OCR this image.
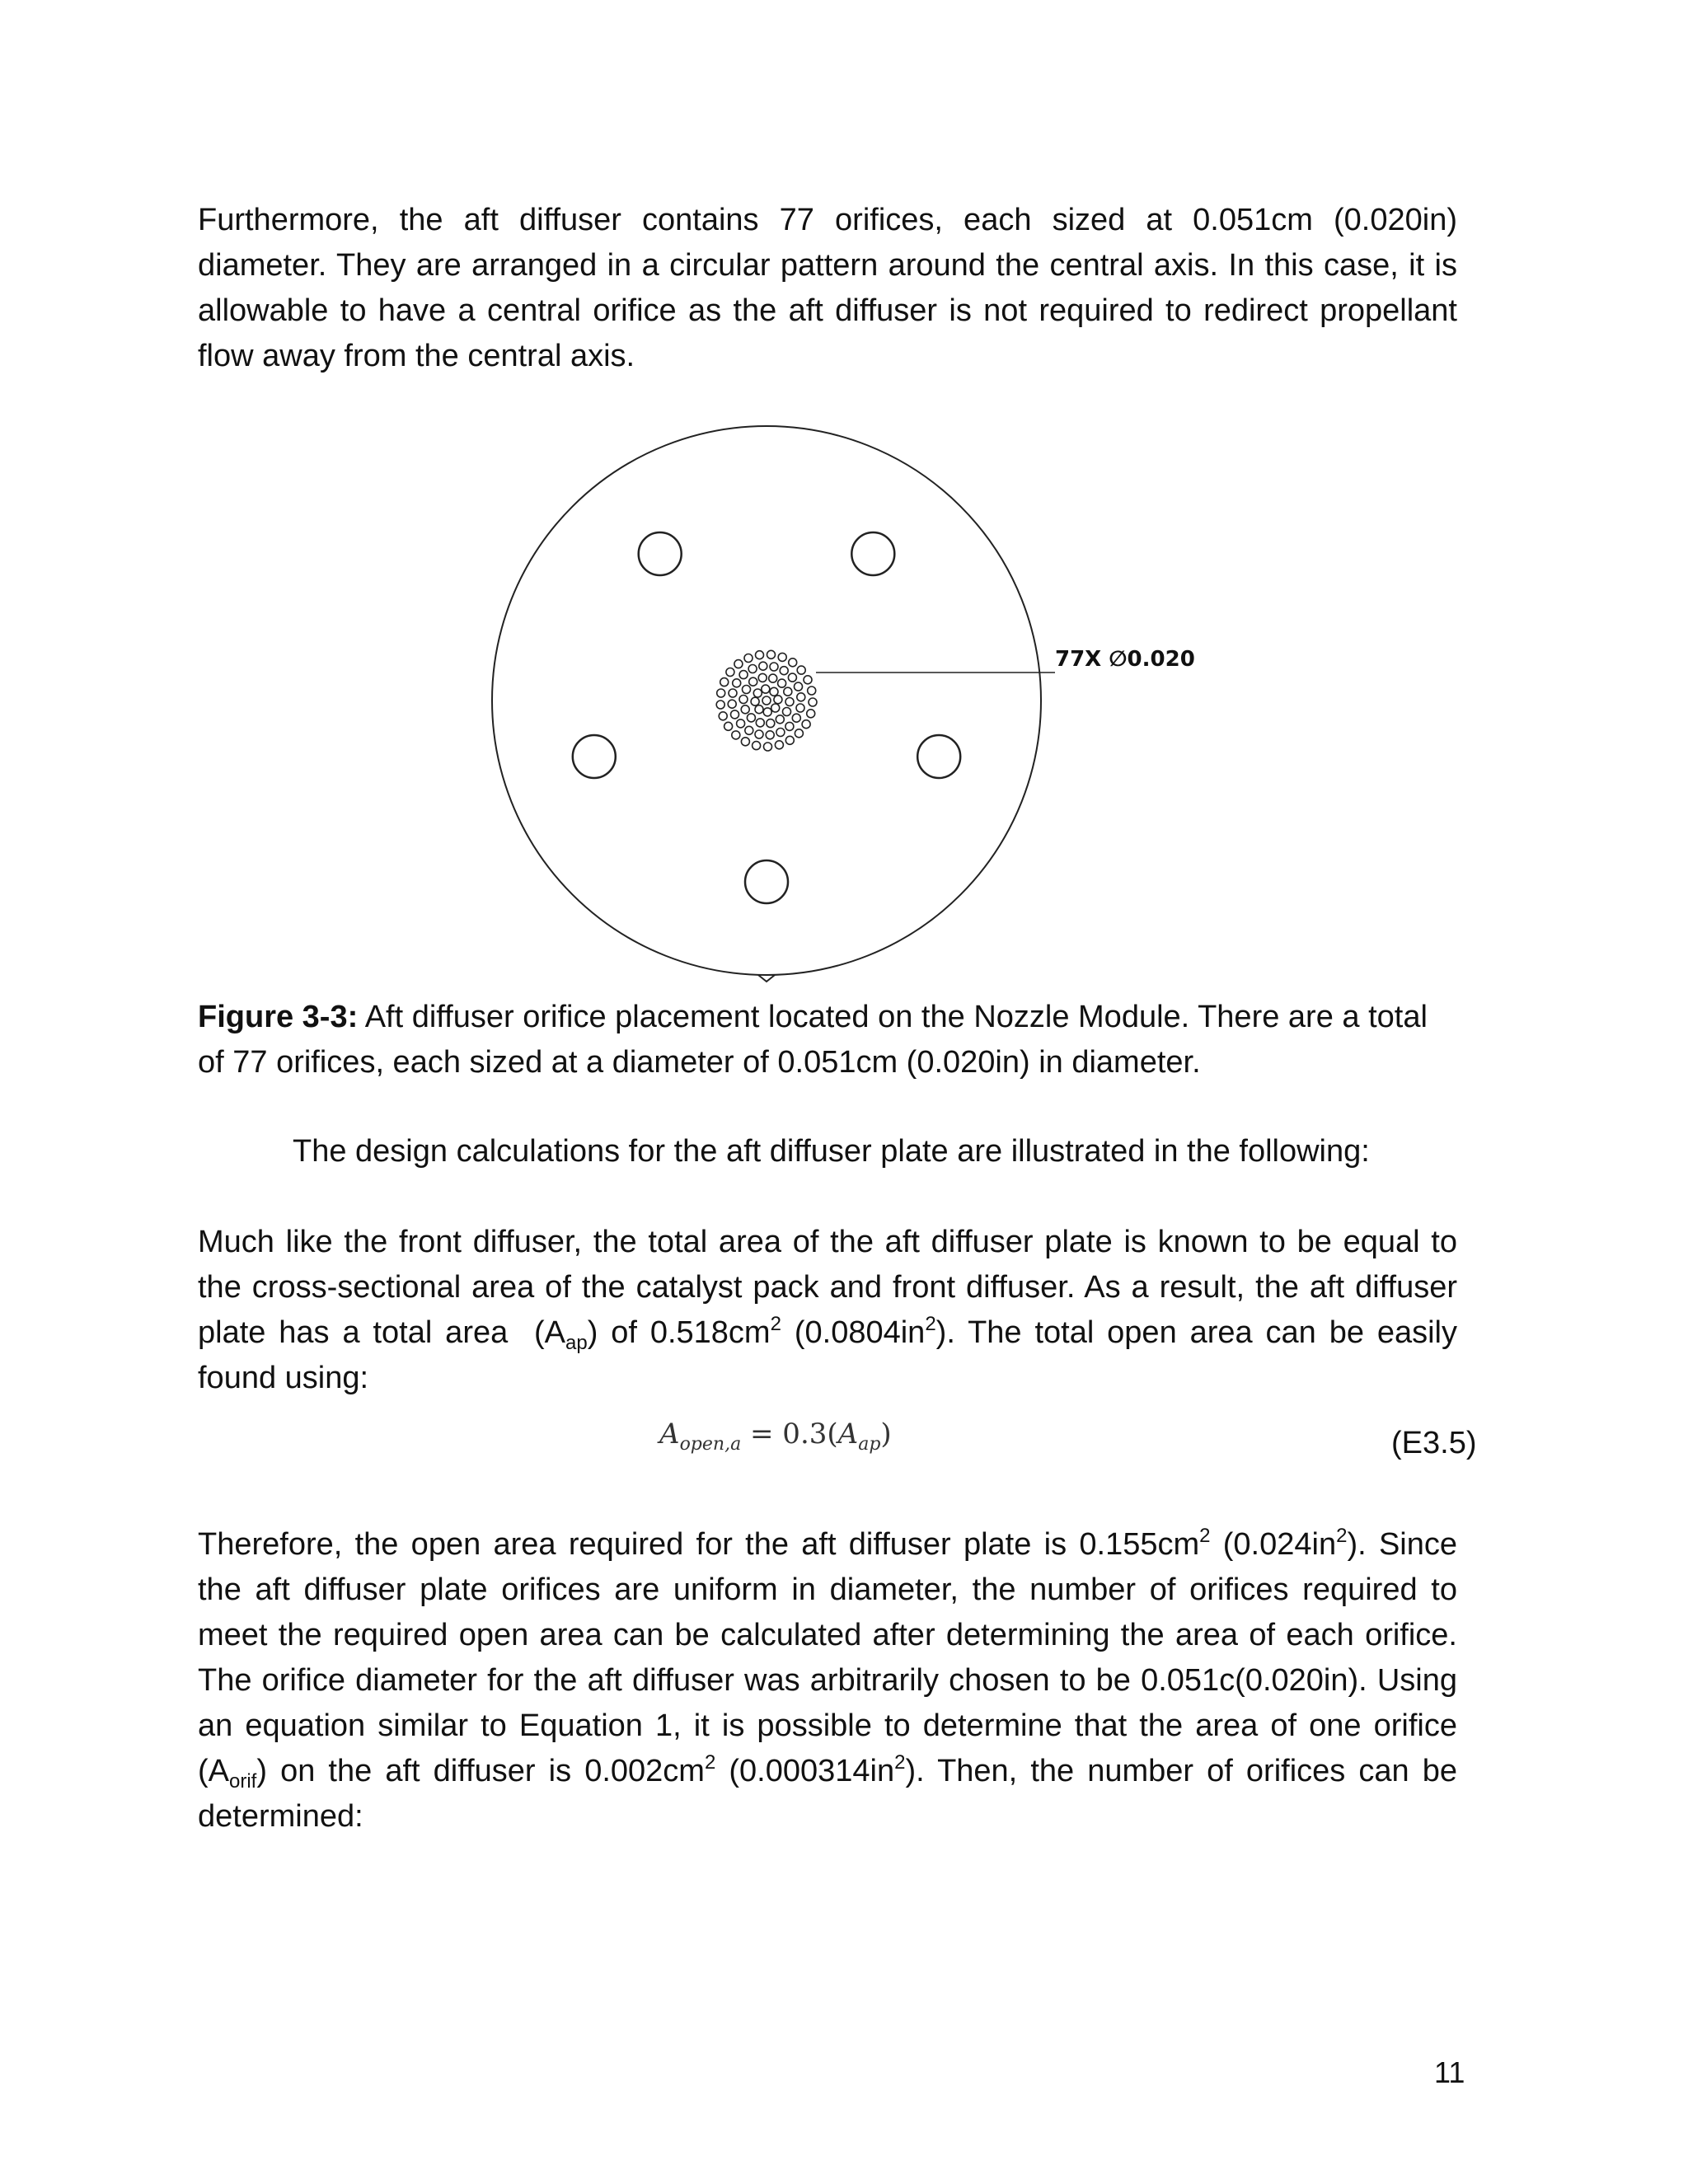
Furthermore, the aft diffuser contains 77 orifices, each sized at 0.051cm (0.020in) diameter. They are arranged in a circular pattern around the central axis. In this case, it is allowable to have a central orifice as the aft diffuser is not required to redirect propellant flow away from the central axis.

77X ∅0.020

Figure 3-3: Aft diffuser orifice placement located on the Nozzle Module. There are a total of 77 orifices, each sized at a diameter of 0.051cm (0.020in) in diameter.

The design calculations for the aft diffuser plate are illustrated in the following:

Much like the front diffuser, the total area of the aft diffuser plate is known to be equal to the cross-sectional area of the catalyst pack and front diffuser. As a result, the aft diffuser plate has a total area  $(A_{ap})$ of $0.518cm^2$ $(0.0804in^2)$. The total open area can be easily found using:

$A_{open,a} = 0.3(A_{ap})$	(E3.5)

Therefore, the open area required for the aft diffuser plate is $0.155cm^2$ $(0.024in^2)$. Since the aft diffuser plate orifices are uniform in diameter, the number of orifices required to meet the required open area can be calculated after determining the area of each orifice. The orifice diameter for the aft diffuser was arbitrarily chosen to be 0.051c(0.020in). Using an equation similar to Equation 1, it is possible to determine that the area of one orifice $(A_{orif})$ on the aft diffuser is $0.002cm^2$ $(0.000314in^2)$. Then, the number of orifices can be determined:

11
